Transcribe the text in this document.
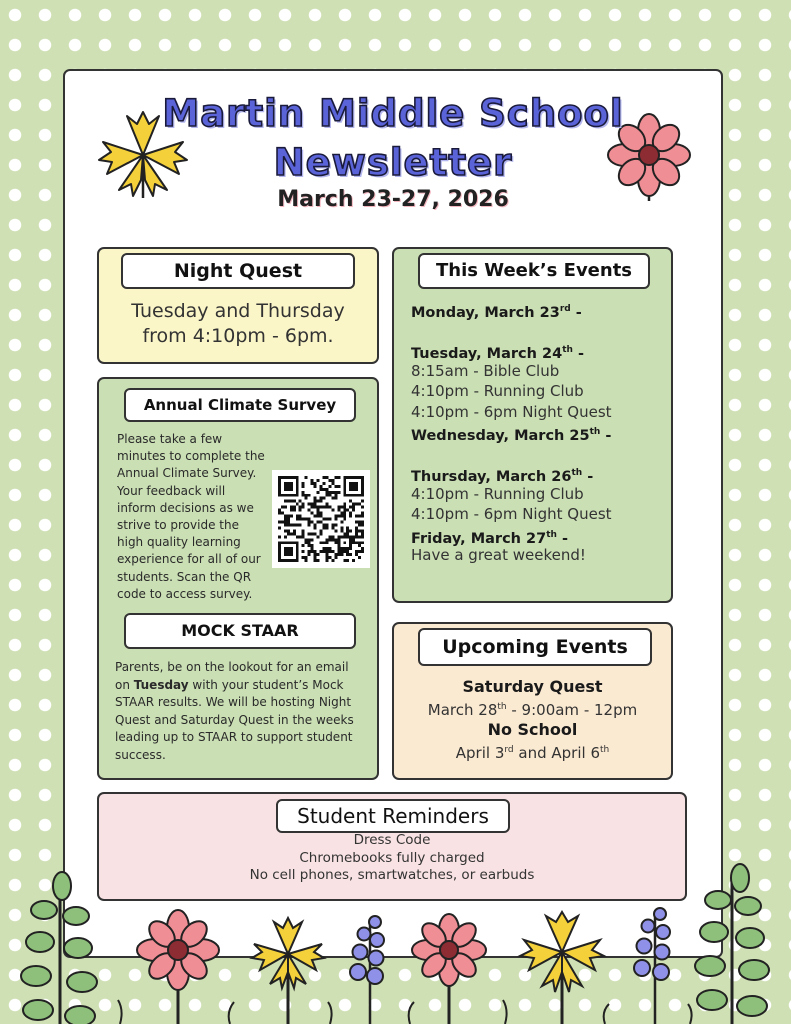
Martin Middle School
Newsletter
March 23-27, 2026
Night Quest
Tuesday and Thursday
from 4:10pm - 6pm.
This Week’s Events
Monday, March 23rd -
Tuesday, March 24th -
8:15am - Bible Club
4:10pm - Running Club
4:10pm - 6pm Night Quest
Wednesday, March 25th -
Thursday, March 26th -
4:10pm - Running Club
4:10pm - 6pm Night Quest
Friday, March 27th -
Have a great weekend!
Annual Climate Survey
Please take a few
minutes to complete the
Annual Climate Survey.
Your feedback will
inform decisions as we
strive to provide the
high quality learning
experience for all of our
students. Scan the QR
code to access survey.
MOCK STAAR
Parents, be on the lookout for an email
on Tuesday with your student’s Mock
STAAR results. We will be hosting Night
Quest and Saturday Quest in the weeks
leading up to STAAR to support student
success.
Upcoming Events
Saturday Quest
March 28th - 9:00am - 12pm
No School
April 3rd and April 6th
Student Reminders
Dress Code
Chromebooks fully charged
No cell phones, smartwatches, or earbuds
